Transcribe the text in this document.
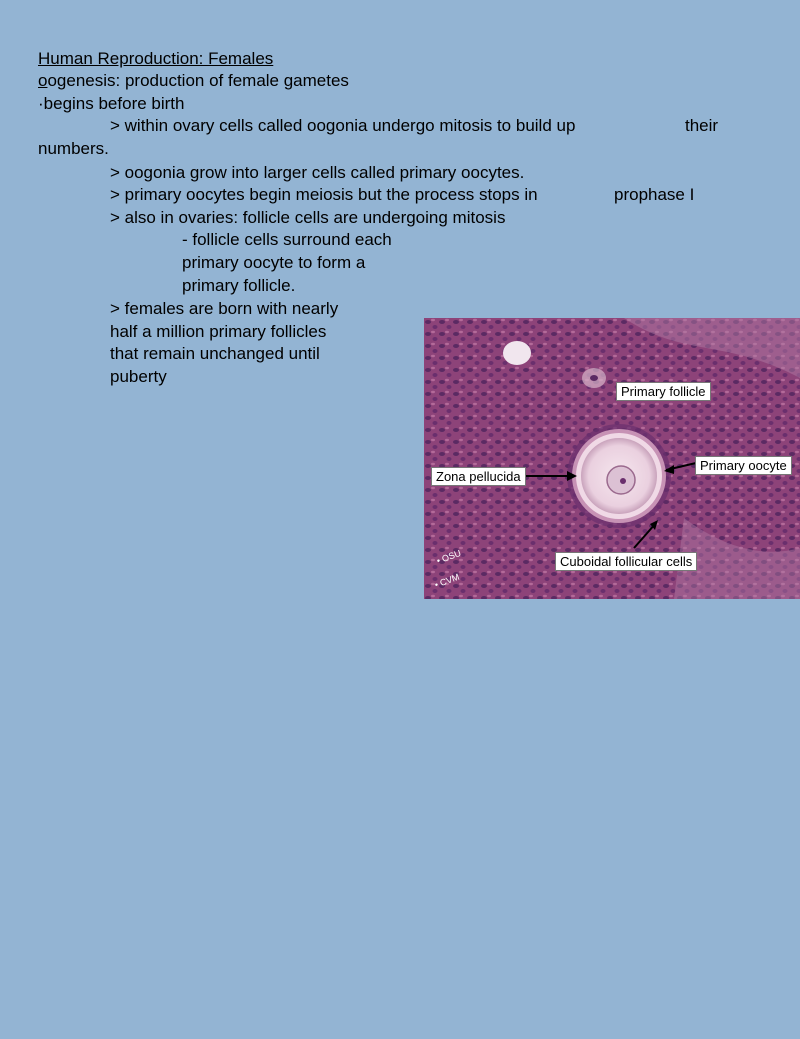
Human Reproduction: Females
oogenesis: production of female gametes
·begins before birth
> within ovary cells called oogonia undergo mitosis to build up	their
numbers.
> oogonia grow into larger cells called primary oocytes.
> primary oocytes begin meiosis but the process stops in	prophase I
> also in ovaries: follicle cells are undergoing mitosis
- follicle cells surround each
primary oocyte to form a
primary follicle.
> females are born with nearly
half a million primary follicles
that remain unchanged until
puberty
• OSU
• CVM
Primary follicle
Zona pellucida
Primary oocyte
Cuboidal follicular cells
